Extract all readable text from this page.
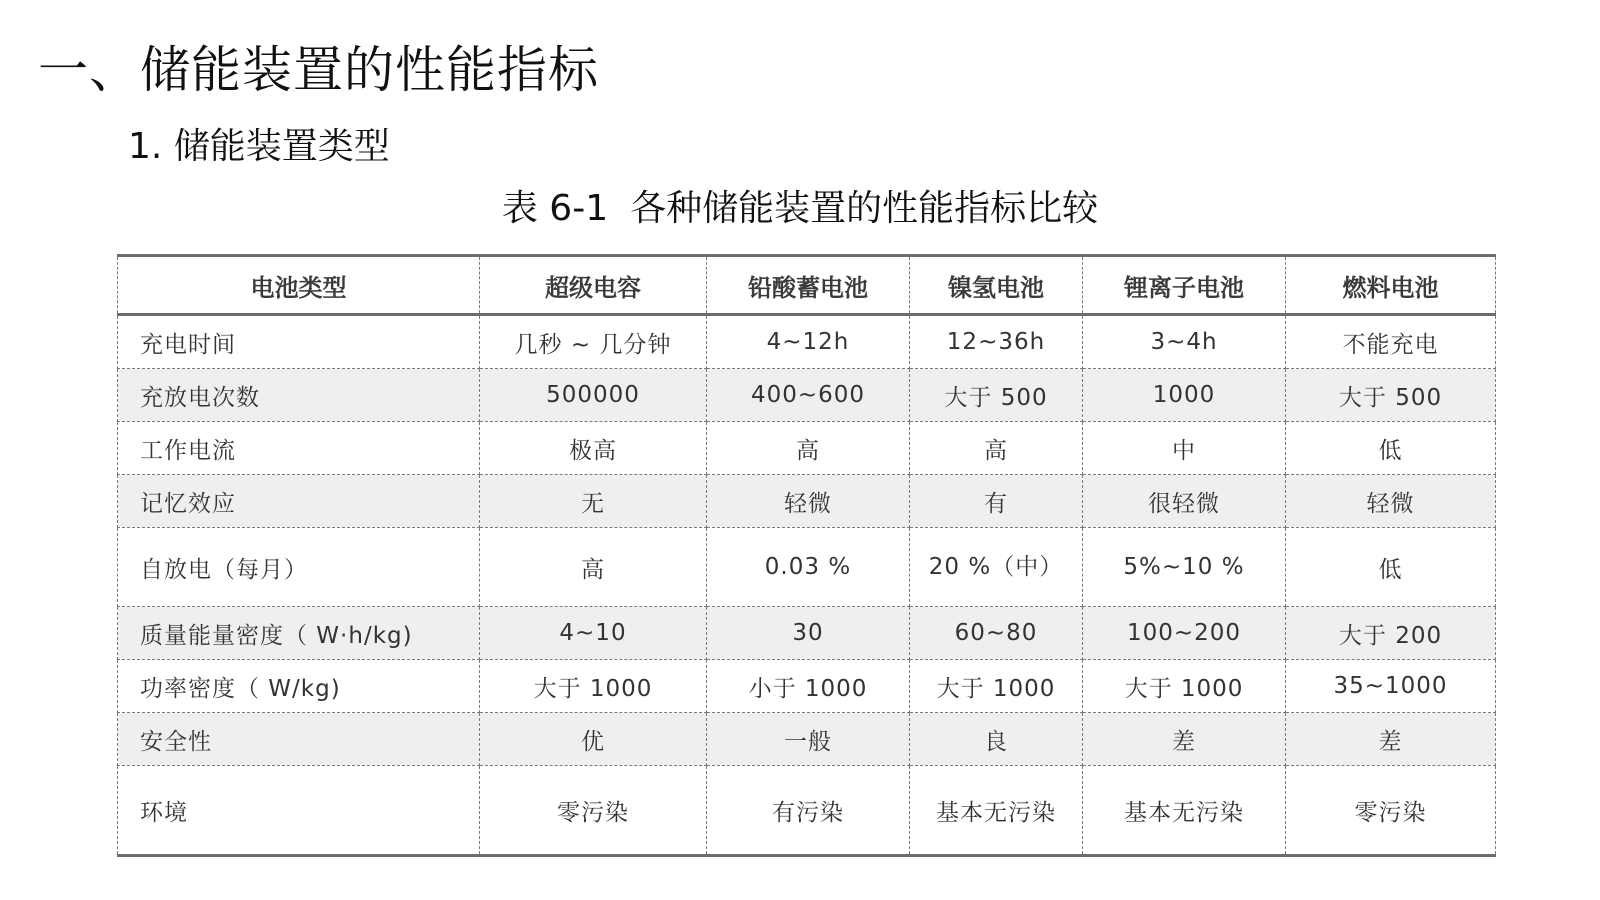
一、储能装置的性能指标
1. 储能装置类型
表 6-1 各种储能装置的性能指标比较
电池类型	超级电容	铅酸蓄电池	镍氢电池	锂离子电池	燃料电池
充电时间	几秒 ~ 几分钟	4~12h	12~36h	3~4h	不能充电
充放电次数	500000	400~600	大于 500	1000	大于 500
工作电流	极高	高	高	中	低
记忆效应	无	轻微	有	很轻微	轻微
自放电（每月）	高	0.03 %	20 %（中）	5%~10 %	低
质量能量密度（ W·h/kg)	4~10	30	60~80	100~200	大于 200
功率密度（ W/kg)	大于 1000	小于 1000	大于 1000	大于 1000	35~1000
安全性	优	一般	良	差	差
环境	零污染	有污染	基本无污染	基本无污染	零污染
